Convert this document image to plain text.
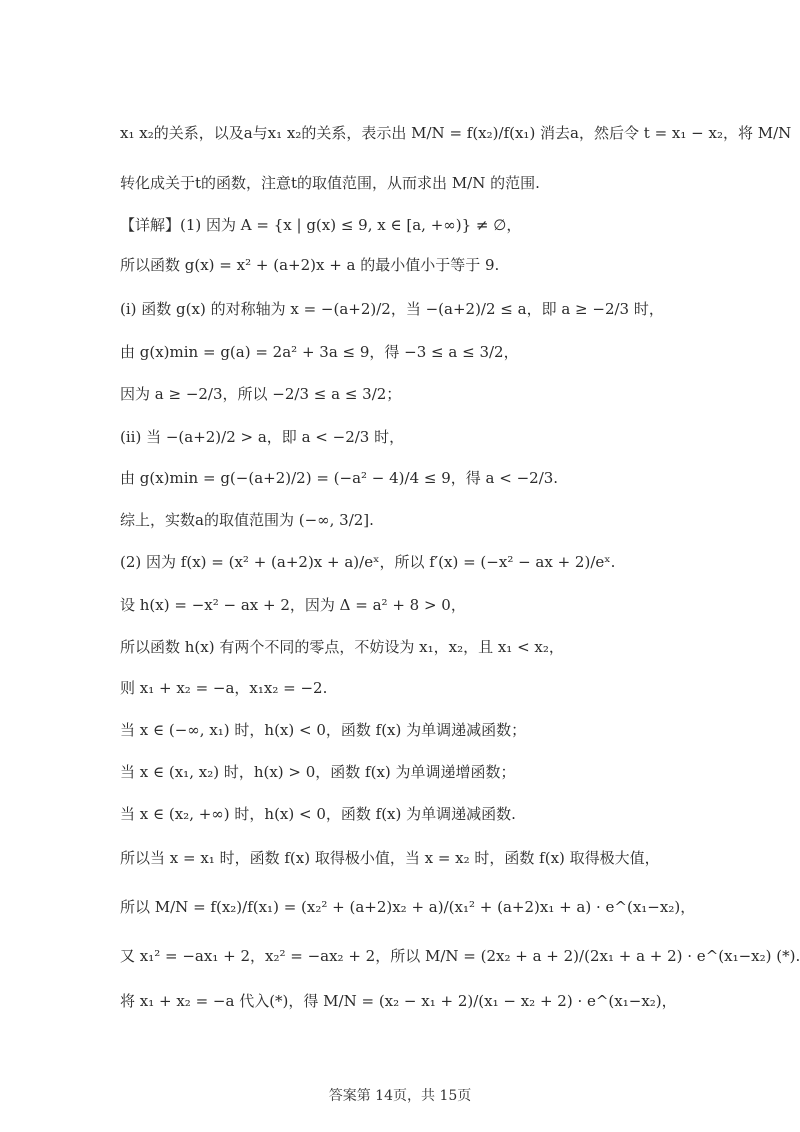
x₁ x₂的关系，以及a与x₁ x₂的关系，表示出 M/N = f(x₂)/f(x₁) 消去a，然后令 t = x₁ − x₂，将 M/N
转化成关于t的函数，注意t的取值范围，从而求出 M/N 的范围.
【详解】(1) 因为 A = {x | g(x) ≤ 9, x ∈ [a, +∞)} ≠ ∅，
所以函数 g(x) = x² + (a+2)x + a 的最小值小于等于 9.
(i) 函数 g(x) 的对称轴为 x = −(a+2)/2，当 −(a+2)/2 ≤ a，即 a ≥ −2/3 时，
由 g(x)min = g(a) = 2a² + 3a ≤ 9，得 −3 ≤ a ≤ 3/2，
因为 a ≥ −2/3，所以 −2/3 ≤ a ≤ 3/2；
(ii) 当 −(a+2)/2 > a，即 a < −2/3 时，
由 g(x)min = g(−(a+2)/2) = (−a² − 4)/4 ≤ 9，得 a < −2/3.
综上，实数a的取值范围为 (−∞, 3/2].
(2) 因为 f(x) = (x² + (a+2)x + a)/eˣ，所以 f′(x) = (−x² − ax + 2)/eˣ.
设 h(x) = −x² − ax + 2，因为 Δ = a² + 8 > 0，
所以函数 h(x) 有两个不同的零点，不妨设为 x₁，x₂，且 x₁ < x₂，
则 x₁ + x₂ = −a，x₁x₂ = −2.
当 x ∈ (−∞, x₁) 时，h(x) < 0，函数 f(x) 为单调递减函数；
当 x ∈ (x₁, x₂) 时，h(x) > 0，函数 f(x) 为单调递增函数；
当 x ∈ (x₂, +∞) 时，h(x) < 0，函数 f(x) 为单调递减函数.
所以当 x = x₁ 时，函数 f(x) 取得极小值，当 x = x₂ 时，函数 f(x) 取得极大值，
所以 M/N = f(x₂)/f(x₁) = (x₂² + (a+2)x₂ + a)/(x₁² + (a+2)x₁ + a) · e^(x₁−x₂)，
又 x₁² = −ax₁ + 2，x₂² = −ax₂ + 2，所以 M/N = (2x₂ + a + 2)/(2x₁ + a + 2) · e^(x₁−x₂) (*).
将 x₁ + x₂ = −a 代入(*)，得 M/N = (x₂ − x₁ + 2)/(x₁ − x₂ + 2) · e^(x₁−x₂)，
答案第 14页，共 15页
